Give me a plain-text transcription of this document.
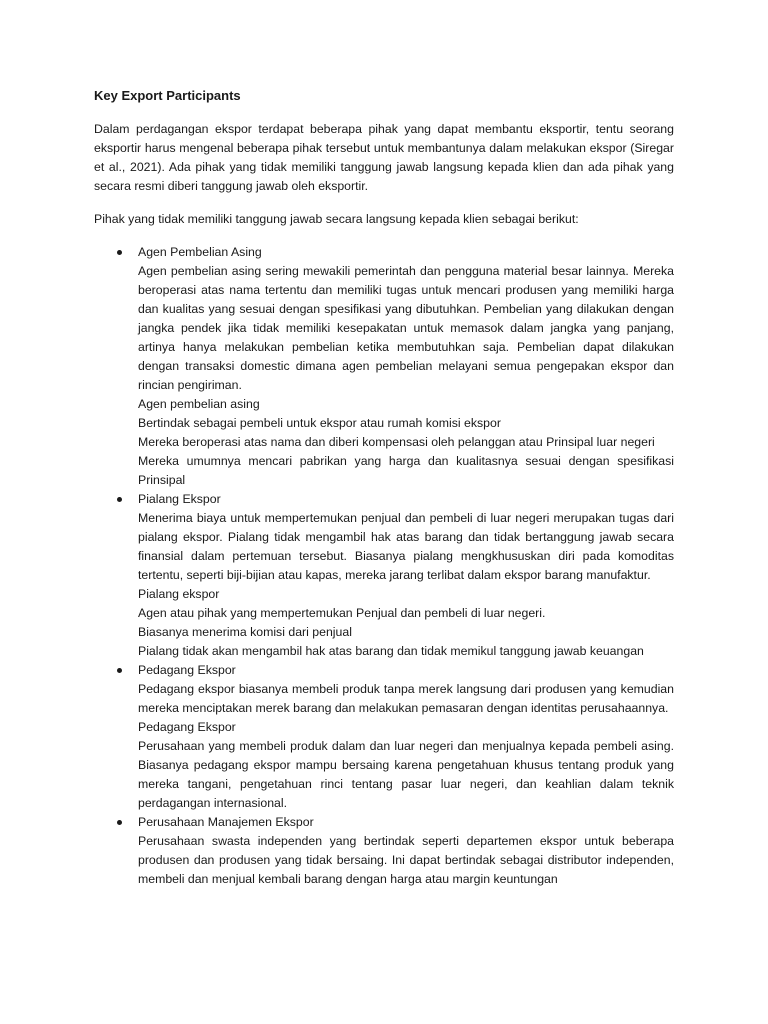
Key Export Participants
Dalam perdagangan ekspor terdapat beberapa pihak yang dapat membantu eksportir, tentu seorang eksportir harus mengenal beberapa pihak tersebut untuk membantunya dalam melakukan ekspor (Siregar et al., 2021). Ada pihak yang tidak memiliki tanggung jawab langsung kepada klien dan ada pihak yang secara resmi diberi tanggung jawab oleh eksportir.
Pihak yang tidak memiliki tanggung jawab secara langsung kepada klien sebagai berikut:
Agen Pembelian Asing
Agen pembelian asing sering mewakili pemerintah dan pengguna material besar lainnya. Mereka beroperasi atas nama tertentu dan memiliki tugas untuk mencari produsen yang memiliki harga dan kualitas yang sesuai dengan spesifikasi yang dibutuhkan. Pembelian yang dilakukan dengan jangka pendek jika tidak memiliki kesepakatan untuk memasok dalam jangka yang panjang, artinya hanya melakukan pembelian ketika membutuhkan saja. Pembelian dapat dilakukan dengan transaksi domestic dimana agen pembelian melayani semua pengepakan ekspor dan rincian pengiriman.
Agen pembelian asing
Bertindak sebagai pembeli untuk ekspor atau rumah komisi ekspor
Mereka beroperasi atas nama dan diberi kompensasi oleh pelanggan atau Prinsipal luar negeri
Mereka umumnya mencari pabrikan yang harga dan kualitasnya sesuai dengan spesifikasi Prinsipal
Pialang Ekspor
Menerima biaya untuk mempertemukan penjual dan pembeli di luar negeri merupakan tugas dari pialang ekspor. Pialang tidak mengambil hak atas barang dan tidak bertanggung jawab secara finansial dalam pertemuan tersebut. Biasanya pialang mengkhususkan diri pada komoditas tertentu, seperti biji-bijian atau kapas, mereka jarang terlibat dalam ekspor barang manufaktur.
Pialang ekspor
Agen atau pihak yang mempertemukan Penjual dan pembeli di luar negeri.
Biasanya menerima komisi dari penjual
Pialang tidak akan mengambil hak atas barang dan tidak memikul tanggung jawab keuangan
Pedagang Ekspor
Pedagang ekspor biasanya membeli produk tanpa merek langsung dari produsen yang kemudian mereka menciptakan merek barang dan melakukan pemasaran dengan identitas perusahaannya.
Pedagang Ekspor
Perusahaan yang membeli produk dalam dan luar negeri dan menjualnya kepada pembeli asing. Biasanya pedagang ekspor mampu bersaing karena pengetahuan khusus tentang produk yang mereka tangani, pengetahuan rinci tentang pasar luar negeri, dan keahlian dalam teknik perdagangan internasional.
Perusahaan Manajemen Ekspor
Perusahaan swasta independen yang bertindak seperti departemen ekspor untuk beberapa produsen dan produsen yang tidak bersaing. Ini dapat bertindak sebagai distributor independen, membeli dan menjual kembali barang dengan harga atau margin keuntungan
